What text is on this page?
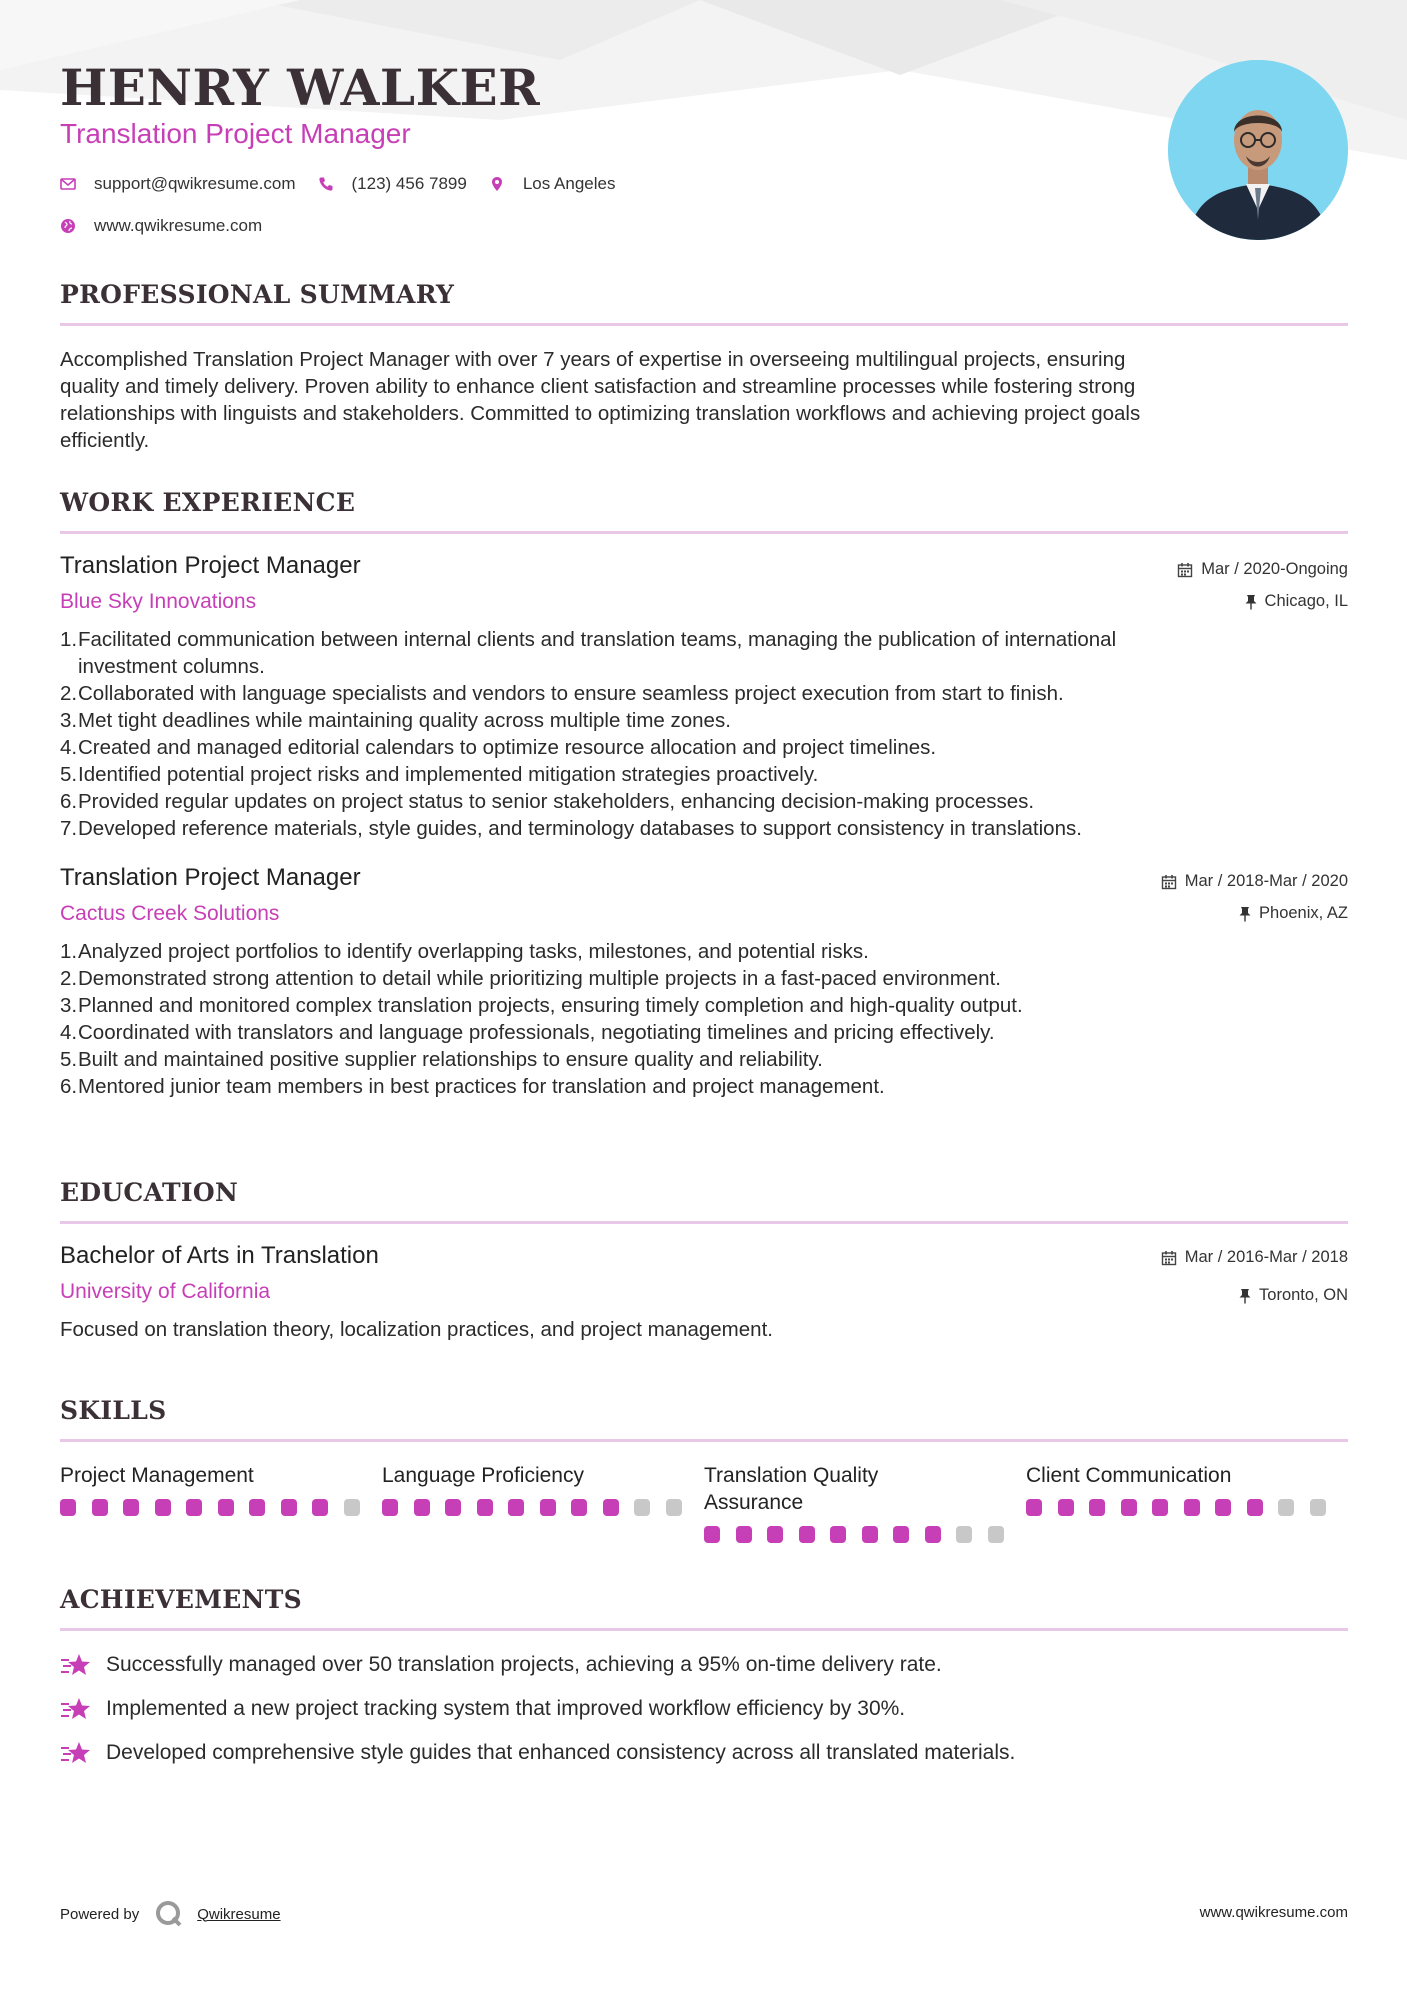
HENRY WALKER
Translation Project Manager
support@qwikresume.com	(123) 456 7899	Los Angeles
www.qwikresume.com
PROFESSIONAL SUMMARY
Accomplished Translation Project Manager with over 7 years of expertise in overseeing multilingual projects, ensuring
quality and timely delivery. Proven ability to enhance client satisfaction and streamline processes while fostering strong
relationships with linguists and stakeholders. Committed to optimizing translation workflows and achieving project goals
efficiently.
WORK EXPERIENCE
Translation Project Manager
Blue Sky Innovations
Mar / 2020-Ongoing
Chicago, IL
1. Facilitated communication between internal clients and translation teams, managing the publication of international
investment columns.
2. Collaborated with language specialists and vendors to ensure seamless project execution from start to finish.
3. Met tight deadlines while maintaining quality across multiple time zones.
4. Created and managed editorial calendars to optimize resource allocation and project timelines.
5. Identified potential project risks and implemented mitigation strategies proactively.
6. Provided regular updates on project status to senior stakeholders, enhancing decision-making processes.
7. Developed reference materials, style guides, and terminology databases to support consistency in translations.
Translation Project Manager
Cactus Creek Solutions
Mar / 2018-Mar / 2020
Phoenix, AZ
1. Analyzed project portfolios to identify overlapping tasks, milestones, and potential risks.
2. Demonstrated strong attention to detail while prioritizing multiple projects in a fast-paced environment.
3. Planned and monitored complex translation projects, ensuring timely completion and high-quality output.
4. Coordinated with translators and language professionals, negotiating timelines and pricing effectively.
5. Built and maintained positive supplier relationships to ensure quality and reliability.
6. Mentored junior team members in best practices for translation and project management.
EDUCATION
Bachelor of Arts in Translation
University of California
Mar / 2016-Mar / 2018
Toronto, ON
Focused on translation theory, localization practices, and project management.
SKILLS
Project Management	Language Proficiency	Translation Quality Assurance
Client Communication
ACHIEVEMENTS
Successfully managed over 50 translation projects, achieving a 95% on-time delivery rate.
Implemented a new project tracking system that improved workflow efficiency by 30%.
Developed comprehensive style guides that enhanced consistency across all translated materials.
Powered by	Qwikresume	www.qwikresume.com
